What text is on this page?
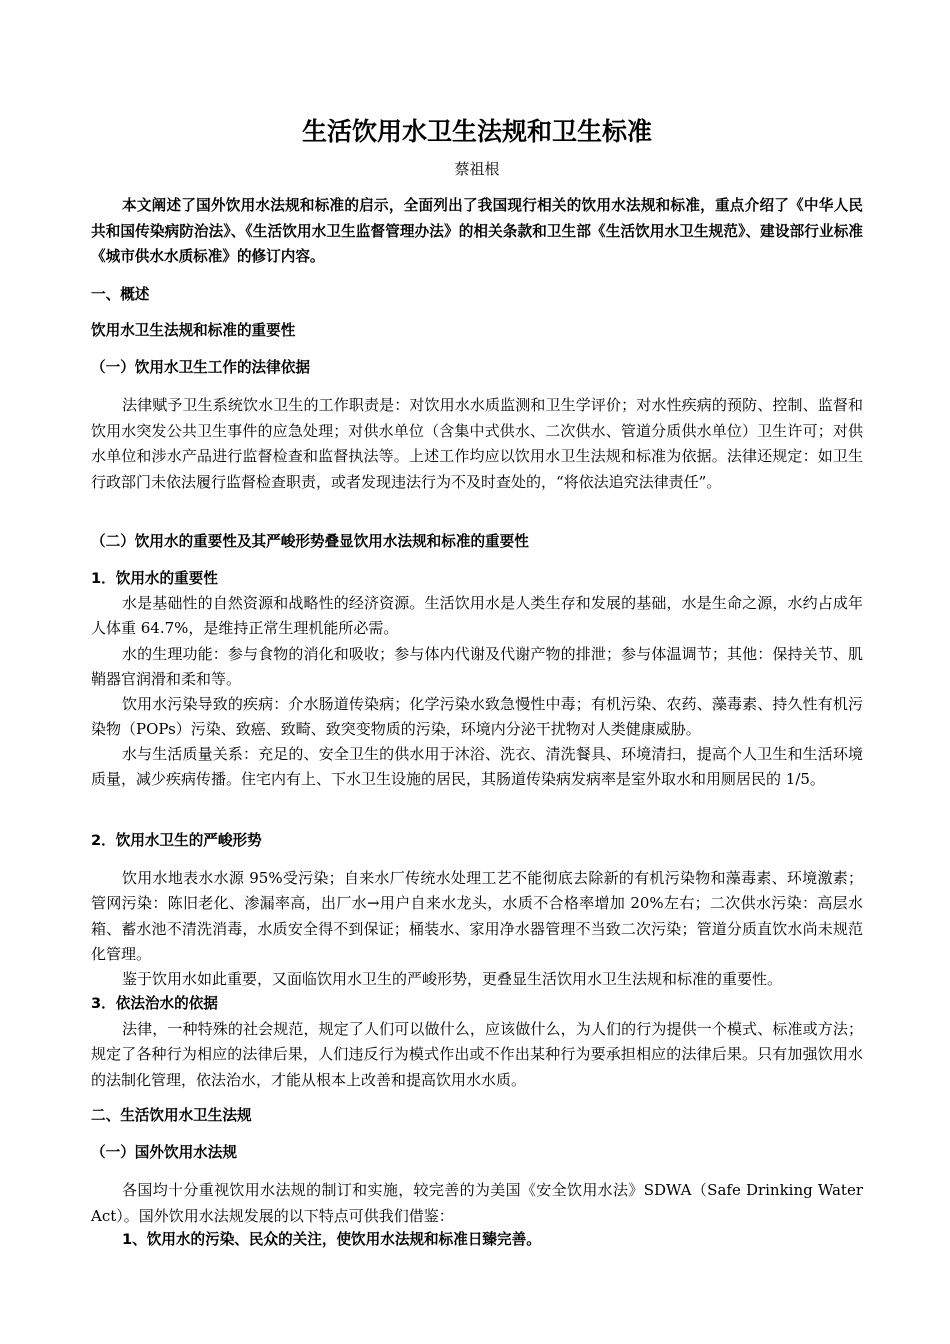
生活饮用水卫生法规和卫生标准
蔡祖根
本文阐述了国外饮用水法规和标准的启示，全面列出了我国现行相关的饮用水法规和标准，重点介绍了《中华人民共和国传染病防治法》、《生活饮用水卫生监督管理办法》的相关条款和卫生部《生活饮用水卫生规范》、建设部行业标准《城市供水水质标准》的修订内容。
一、概述
饮用水卫生法规和标准的重要性
（一）饮用水卫生工作的法律依据
法律赋予卫生系统饮水卫生的工作职责是：对饮用水水质监测和卫生学评价；对水性疾病的预防、控制、监督和饮用水突发公共卫生事件的应急处理；对供水单位（含集中式供水、二次供水、管道分质供水单位）卫生许可；对供水单位和涉水产品进行监督检查和监督执法等。上述工作均应以饮用水卫生法规和标准为依据。法律还规定：如卫生行政部门未依法履行监督检查职责，或者发现违法行为不及时查处的，“将依法追究法律责任”。
（二）饮用水的重要性及其严峻形势叠显饮用水法规和标准的重要性
1．饮用水的重要性
水是基础性的自然资源和战略性的经济资源。生活饮用水是人类生存和发展的基础，水是生命之源，水约占成年人体重 64.7%，是维持正常生理机能所必需。
水的生理功能：参与食物的消化和吸收；参与体内代谢及代谢产物的排泄；参与体温调节；其他：保持关节、肌鞘器官润滑和柔和等。
饮用水污染导致的疾病：介水肠道传染病；化学污染水致急慢性中毒；有机污染、农药、藻毒素、持久性有机污染物（POPs）污染、致癌、致畸、致突变物质的污染，环境内分泌干扰物对人类健康威胁。
水与生活质量关系：充足的、安全卫生的供水用于沐浴、洗衣、清洗餐具、环境清扫，提高个人卫生和生活环境质量，减少疾病传播。住宅内有上、下水卫生设施的居民，其肠道传染病发病率是室外取水和用厕居民的 1/5。
2．饮用水卫生的严峻形势
饮用水地表水水源 95%受污染；自来水厂传统水处理工艺不能彻底去除新的有机污染物和藻毒素、环境激素；管网污染：陈旧老化、渗漏率高，出厂水→用户自来水龙头，水质不合格率增加 20%左右；二次供水污染：高层水箱、蓄水池不清洗消毒，水质安全得不到保证；桶装水、家用净水器管理不当致二次污染；管道分质直饮水尚未规范化管理。
鉴于饮用水如此重要，又面临饮用水卫生的严峻形势，更叠显生活饮用水卫生法规和标准的重要性。
3．依法治水的依据
法律，一种特殊的社会规范，规定了人们可以做什么，应该做什么，为人们的行为提供一个模式、标准或方法；规定了各种行为相应的法律后果，人们违反行为模式作出或不作出某种行为要承担相应的法律后果。只有加强饮用水的法制化管理，依法治水，才能从根本上改善和提高饮用水水质。
二、生活饮用水卫生法规
（一）国外饮用水法规
各国均十分重视饮用水法规的制订和实施，较完善的为美国《安全饮用水法》SDWA（Safe Drinking Water Act）。国外饮用水法规发展的以下特点可供我们借鉴：
1、饮用水的污染、民众的关注，使饮用水法规和标准日臻完善。
